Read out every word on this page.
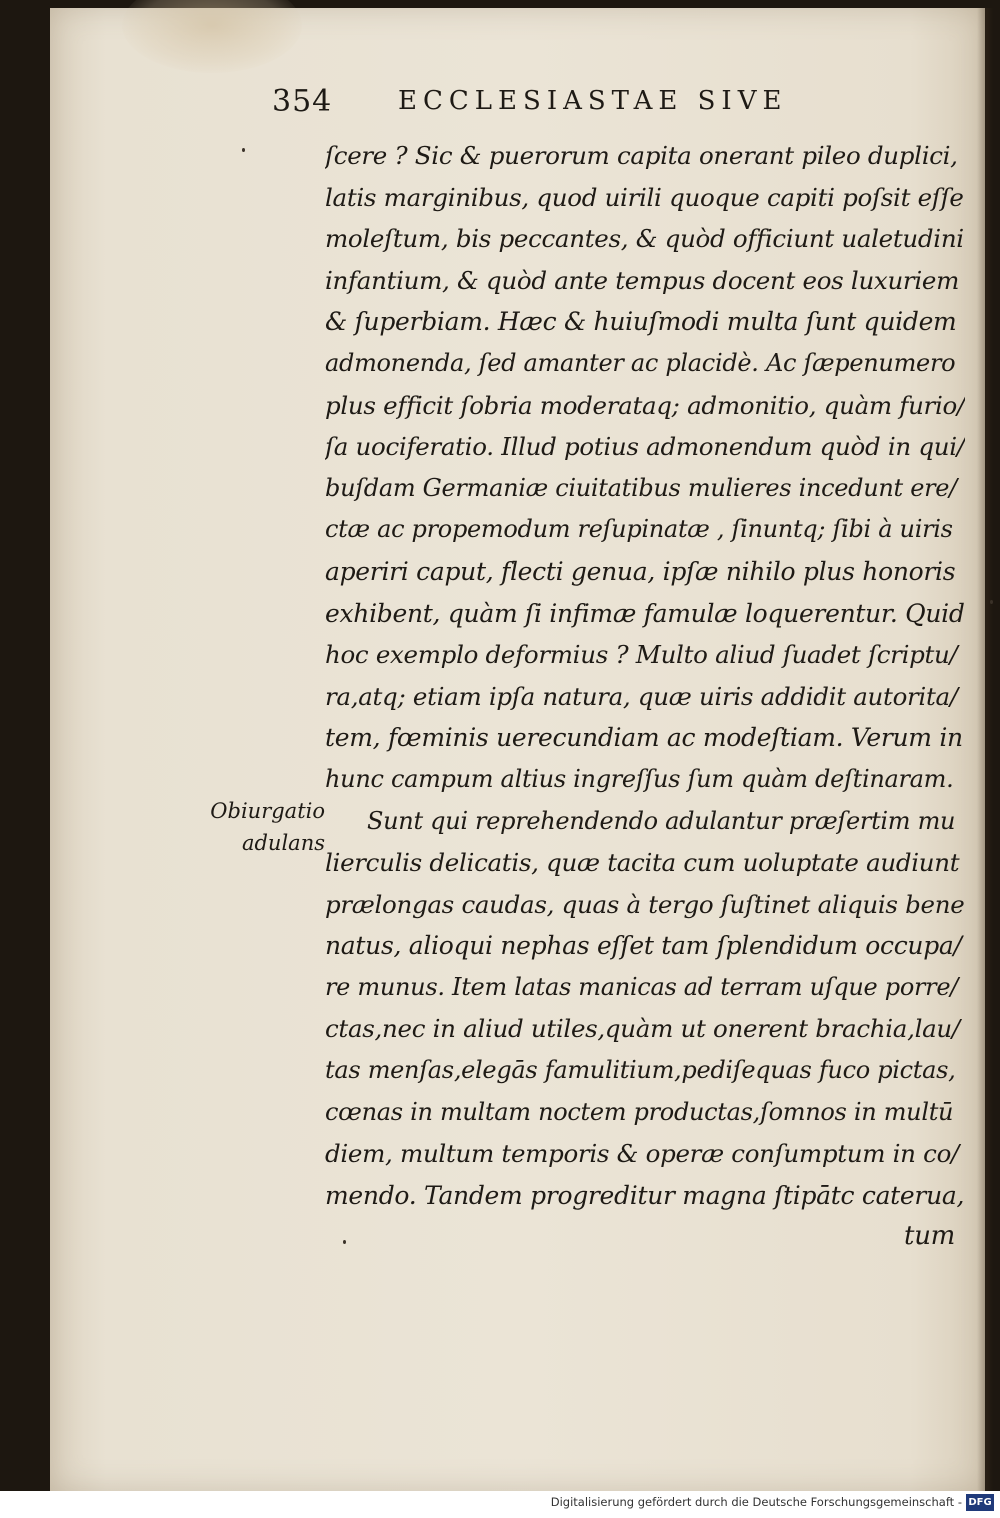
354	ECCLESIASTAE SIVE
Obiurgatio
adulans
ſcere ? Sic & puerorum capita onerant pileo duplici,
latis marginibus, quod uirili quoque capiti poſsit eſſe
moleſtum, bis peccantes, & quòd officiunt ualetudini
infantium, & quòd ante tempus docent eos luxuriem
& ſuperbiam. Hæc & huiuſmodi multa ſunt quidem
admonenda, ſed amanter ac placidè. Ac ſæpenumero
plus efficit ſobria moderataq; admonitio, quàm furio/
ſa uociferatio. Illud potius admonendum quòd in qui/
buſdam Germaniæ ciuitatibus mulieres incedunt ere/
ctæ ac propemodum reſupinatæ , ſinuntq; ſibi à uiris
aperiri caput, flecti genua, ipſæ nihilo plus honoris
exhibent, quàm ſi infimæ famulæ loquerentur. Quid
hoc exemplo deformius ? Multo aliud ſuadet ſcriptu/
ra,atq; etiam ipſa natura, quæ uiris addidit autorita/
tem, fœminis uerecundiam ac modeſtiam. Verum in
hunc campum altius ingreſſus ſum quàm deſtinaram.
Sunt qui reprehendendo adulantur præſertim mu
lierculis delicatis, quæ tacita cum uoluptate audiunt
prælongas caudas, quas à tergo ſuſtinet aliquis bene
natus, alioqui nephas eſſet tam ſplendidum occupa/
re munus. Item latas manicas ad terram uſque porre/
ctas,nec in aliud utiles,quàm ut onerent brachia,lau/
tas menſas,elegās famulitium,pediſequas fuco pictas,
cœnas in multam noctem productas,ſomnos in multū
diem, multum temporis & operæ conſumptum in co/
mendo. Tandem progreditur magna ſtipātc caterua,
tum
Digitalisierung gefördert durch die Deutsche Forschungsgemeinschaft - DFG
